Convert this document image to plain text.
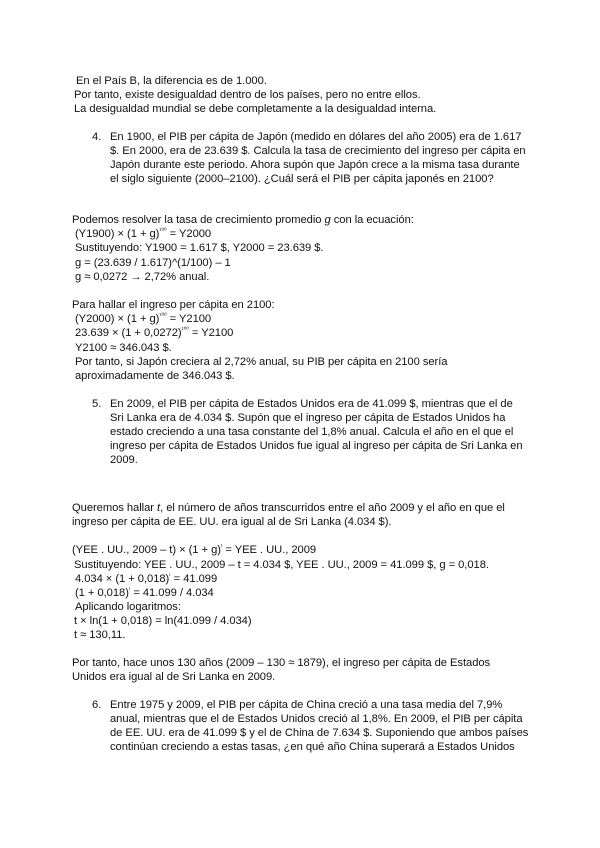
En el País B, la diferencia es de 1.000.
Por tanto, existe desigualdad dentro de los países, pero no entre ellos.
La desigualdad mundial se debe completamente a la desigualdad interna.
4. En 1900, el PIB per cápita de Japón (medido en dólares del año 2005) era de 1.617
$. En 2000, era de 23.639 $. Calcula la tasa de crecimiento del ingreso per cápita en
Japón durante este periodo. Ahora supón que Japón crece a la misma tasa durante
el siglo siguiente (2000–2100). ¿Cuál será el PIB per cápita japonés en 2100?
Podemos resolver la tasa de crecimiento promedio g con la ecuación:
$(Y1900) \times (1 + g)^{^{100}} = Y2000$
Sustituyendo: Y1900 = 1.617 $, Y2000 = 23.639 $.
g = (23.639 / 1.617)^(1/100) – 1
g ≈ 0,0272 → 2,72% anual.
Para hallar el ingreso per cápita en 2100:
$(Y2000) \times (1 + g)^{^{100}} = Y2100$
$23.639 \times (1 + 0,0272)^{^{100}} = Y2100$
Y2100 ≈ 346.043 $.
Por tanto, si Japón creciera al 2,72% anual, su PIB per cápita en 2100 sería
aproximadamente de 346.043 $.
5. En 2009, el PIB per cápita de Estados Unidos era de 41.099 $, mientras que el de
Sri Lanka era de 4.034 $. Supón que el ingreso per cápita de Estados Unidos ha
estado creciendo a una tasa constante del 1,8% anual. Calcula el año en el que el
ingreso per cápita de Estados Unidos fue igual al ingreso per cápita de Sri Lanka en
2009.
Queremos hallar t, el número de años transcurridos entre el año 2009 y el año en que el
ingreso per cápita de EE. UU. era igual al de Sri Lanka (4.034 $).
(YEE . UU., $2009 - t) \times (1 + g)^ᵗ$ = YEE . UU., 2009
Sustituyendo: YEE . UU., 2009 – t = 4.034 $, YEE . UU., 2009 = 41.099 $, g = 0,018.
$4.034 \times (1 + 0,018)^ᵗ = 41.099$
$(1 + 0,018)^ᵗ = 41.099 / 4.034$
Aplicando logaritmos:
t × ln(1 + 0,018) = ln(41.099 / 4.034)
t ≈ 130,11.
Por tanto, hace unos 130 años (2009 – 130 ≈ 1879), el ingreso per cápita de Estados
Unidos era igual al de Sri Lanka en 2009.
6. Entre 1975 y 2009, el PIB per cápita de China creció a una tasa media del 7,9%
anual, mientras que el de Estados Unidos creció al 1,8%. En 2009, el PIB per cápita
de EE. UU. era de 41.099 $ y el de China de 7.634 $. Suponiendo que ambos países
continúan creciendo a estas tasas, ¿en qué año China superará a Estados Unidos
